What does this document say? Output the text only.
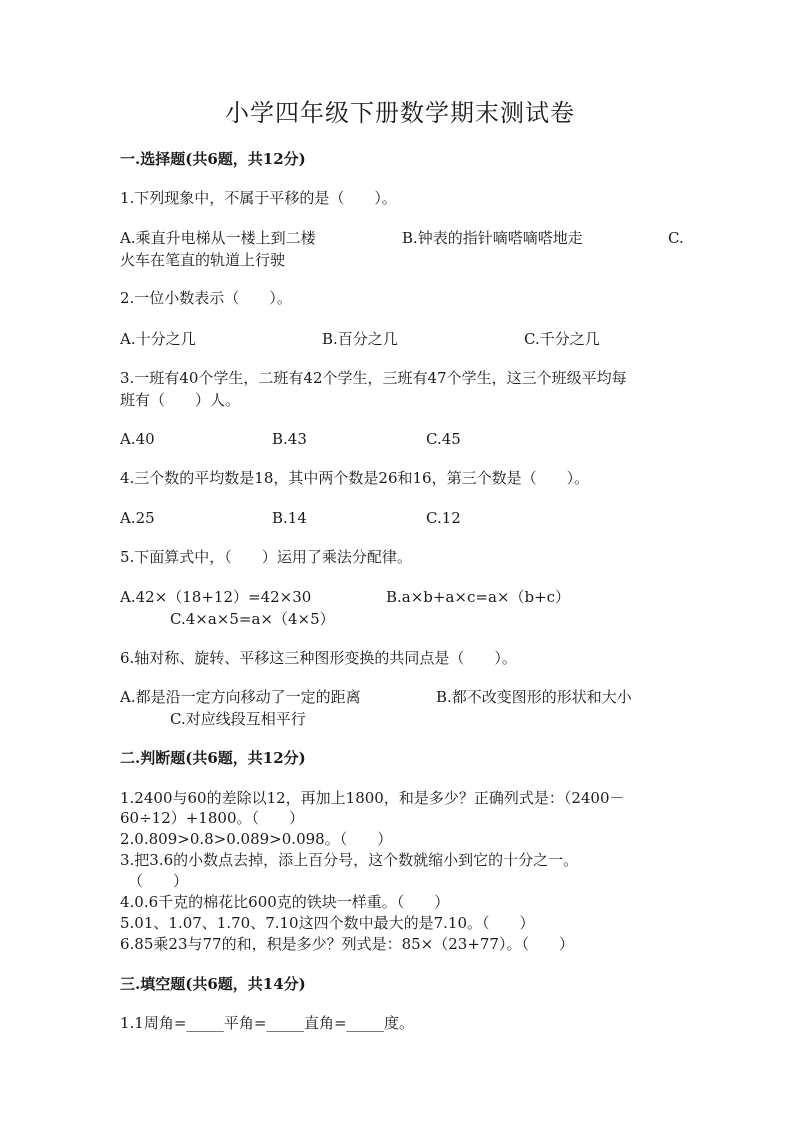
小学四年级下册数学期末测试卷
一.选择题(共6题，共12分)
1.下列现象中，不属于平移的是（　　）。
A.乘直升电梯从一楼上到二楼	B.钟表的指针嘀嗒嘀嗒地走	C.
火车在笔直的轨道上行驶
2.一位小数表示（　　）。
A.十分之几	B.百分之几	C.千分之几
3.一班有40个学生，二班有42个学生，三班有47个学生，这三个班级平均每
班有（　　）人。
A.40	B.43	C.45
4.三个数的平均数是18，其中两个数是26和16，第三个数是（　　）。
A.25	B.14	C.12
5.下面算式中，（　　）运用了乘法分配律。
A.42×（18+12）=42×30	B.a×b+a×c=a×（b+c）
C.4×a×5=a×（4×5）
6.轴对称、旋转、平移这三种图形变换的共同点是（　　）。
A.都是沿一定方向移动了一定的距离	B.都不改变图形的形状和大小
C.对应线段互相平行
二.判断题(共6题，共12分)
1.2400与60的差除以12，再加上1800，和是多少？正确列式是：（2400－
60÷12）+1800。（　　）
2.0.809>0.8>0.089>0.098。（　　）
3.把3.6的小数点去掉，添上百分号，这个数就缩小到它的十分之一。
（　　）
4.0.6千克的棉花比600克的铁块一样重。（　　）
5.01、1.07、1.70、7.10这四个数中最大的是7.10。（　　）
6.85乘23与77的和，积是多少？列式是：85×（23+77）。（　　）
三.填空题(共6题，共14分)
1.1周角=_____平角=_____直角=_____度。
